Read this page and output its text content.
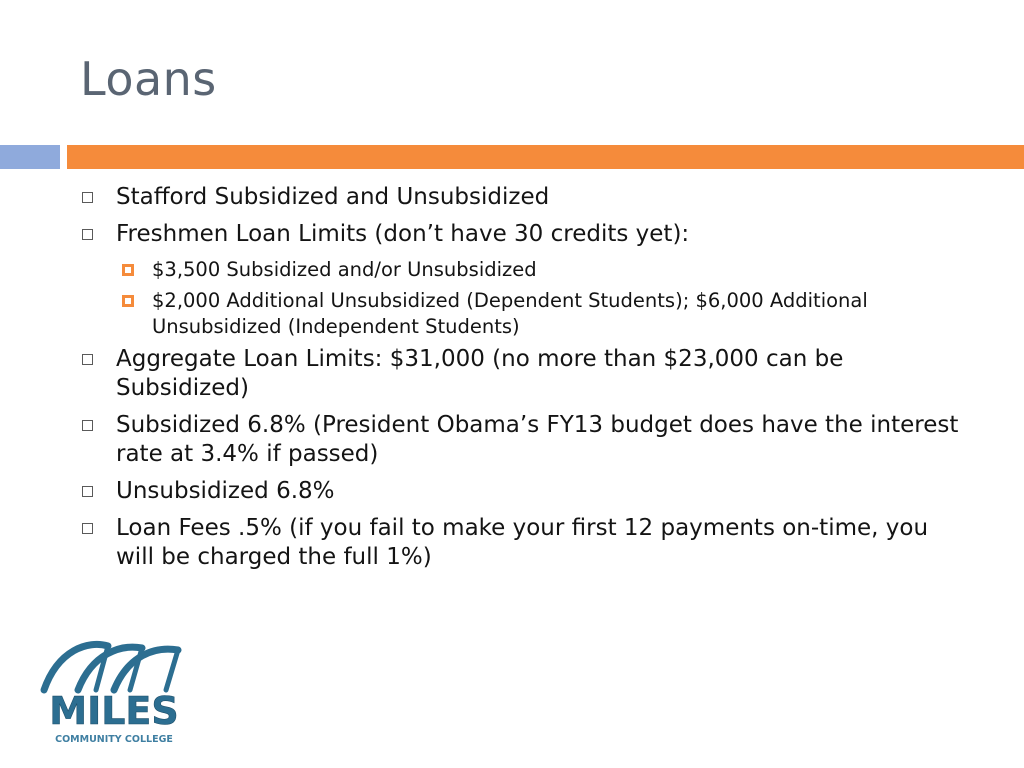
Loans
Stafford Subsidized and Unsubsidized
Freshmen Loan Limits (don’t have 30 credits yet):
$3,500 Subsidized and/or Unsubsidized
$2,000 Additional Unsubsidized (Dependent Students); $6,000 Additional Unsubsidized (Independent Students)
Aggregate Loan Limits: $31,000 (no more than $23,000 can be Subsidized)
Subsidized 6.8% (President Obama’s FY13 budget does have the interest rate at 3.4% if passed)
Unsubsidized 6.8%
Loan Fees .5% (if you fail to make your first 12 payments on-time, you will be charged the full 1%)
MILES
COMMUNITY COLLEGE
